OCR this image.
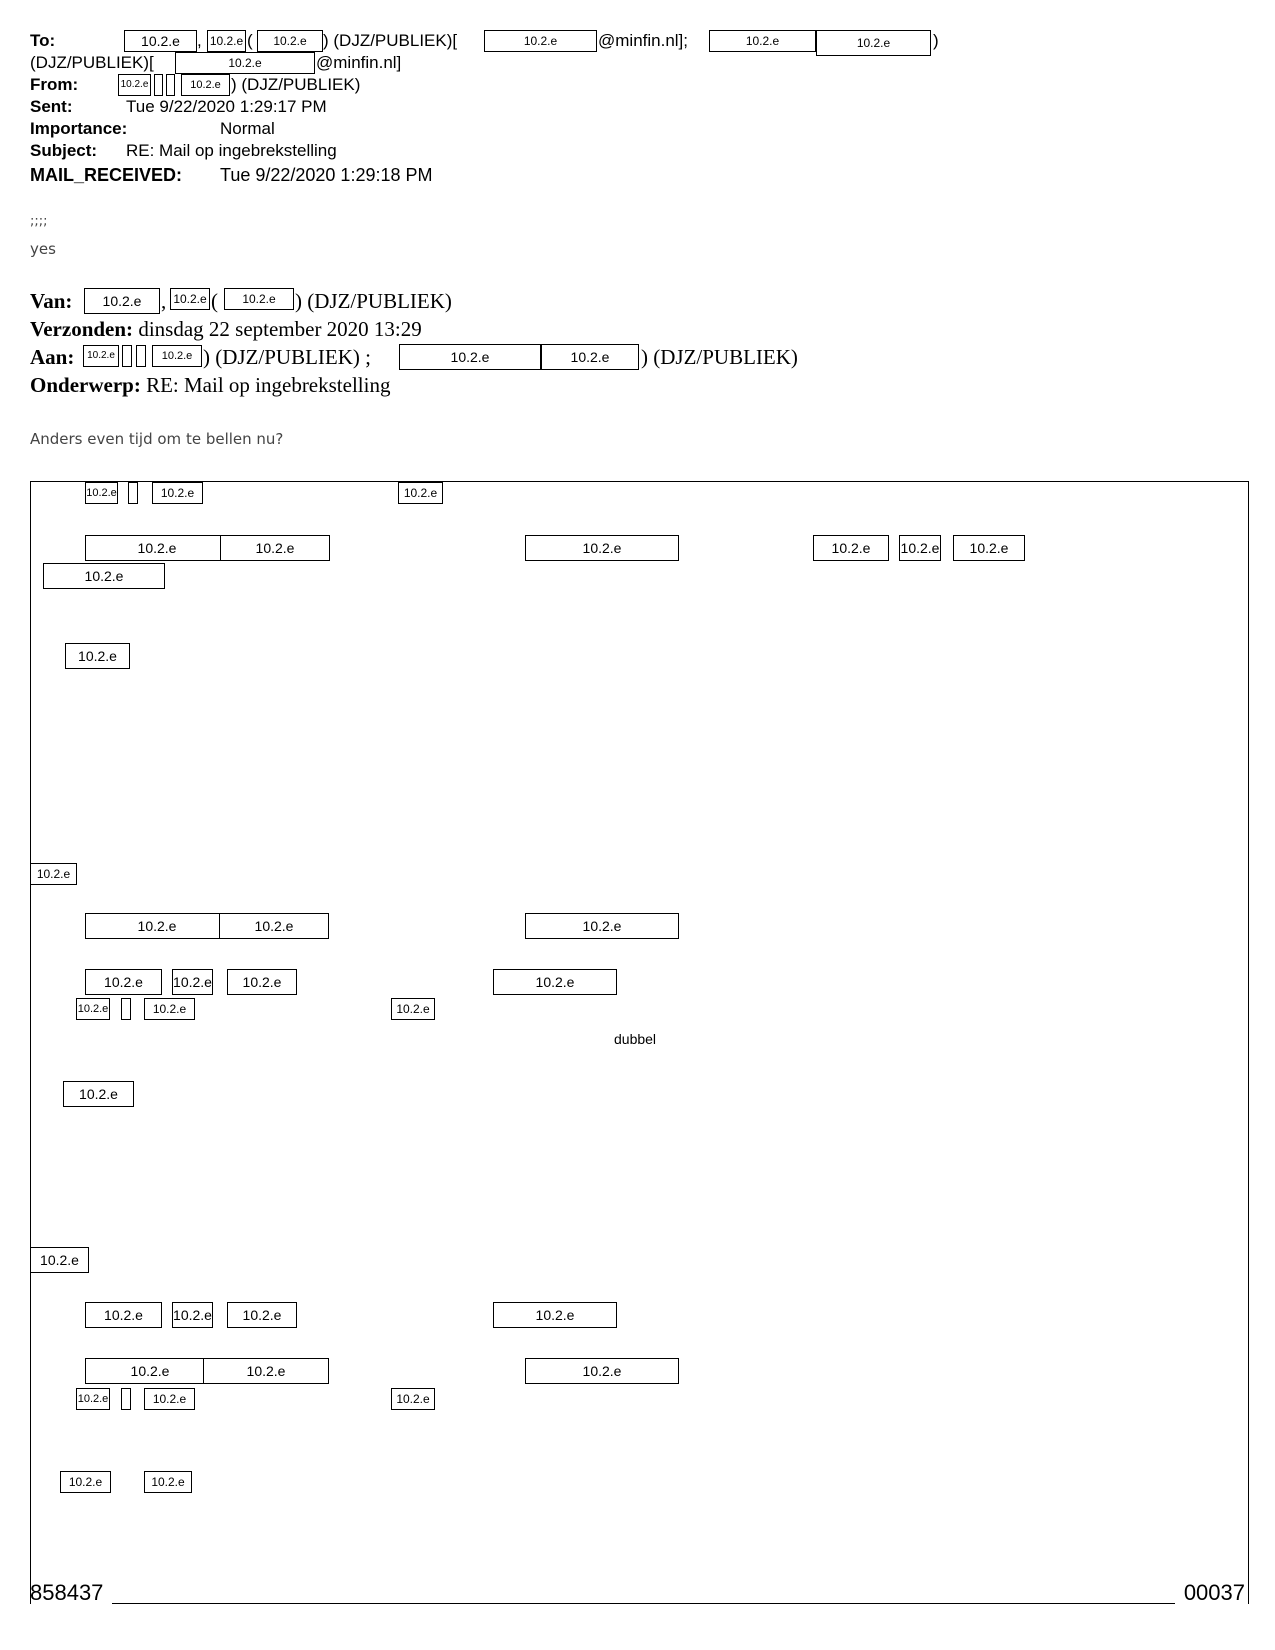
To:	10.2.e	, 10.2.e (	10.2.e ) (DJZ/PUBLIEK)[	10.2.e	@minfin.nl];	10.2.e	10.2.e	)
(DJZ/PUBLIEK)[	10.2.e	@minfin.nl]
From:	10.2.e	10.2.e ) (DJZ/PUBLIEK)
Sent:	Tue 9/22/2020 1:29:17 PM
Importance:	Normal
Subject: RE: Mail op ingebrekstelling
MAIL_RECEIVED: Tue 9/22/2020 1:29:18 PM
;;;;
yes
Van:	10.2.e , 10.2.e (	10.2.e ) (DJZ/PUBLIEK)
Verzonden: dinsdag 22 september 2020 13:29
Aan:	10.2.e	10.2.e ) (DJZ/PUBLIEK) ;	10.2.e	10.2.e	) (DJZ/PUBLIEK)
Onderwerp: RE: Mail op ingebrekstelling
Anders even tijd om te bellen nu?
10.2.e	10.2.e	10.2.e
10.2.e	10.2.e	10.2.e	10.2.e	10.2.e	10.2.e
10.2.e
10.2.e
10.2.e
10.2.e	10.2.e	10.2.e
10.2.e	10.2.e	10.2.e	10.2.e
10.2.e	10.2.e	10.2.e
dubbel
10.2.e
10.2.e
10.2.e	10.2.e	10.2.e	10.2.e
10.2.e	10.2.e	10.2.e
10.2.e	10.2.e	10.2.e
10.2.e	10.2.e
858437	00037
